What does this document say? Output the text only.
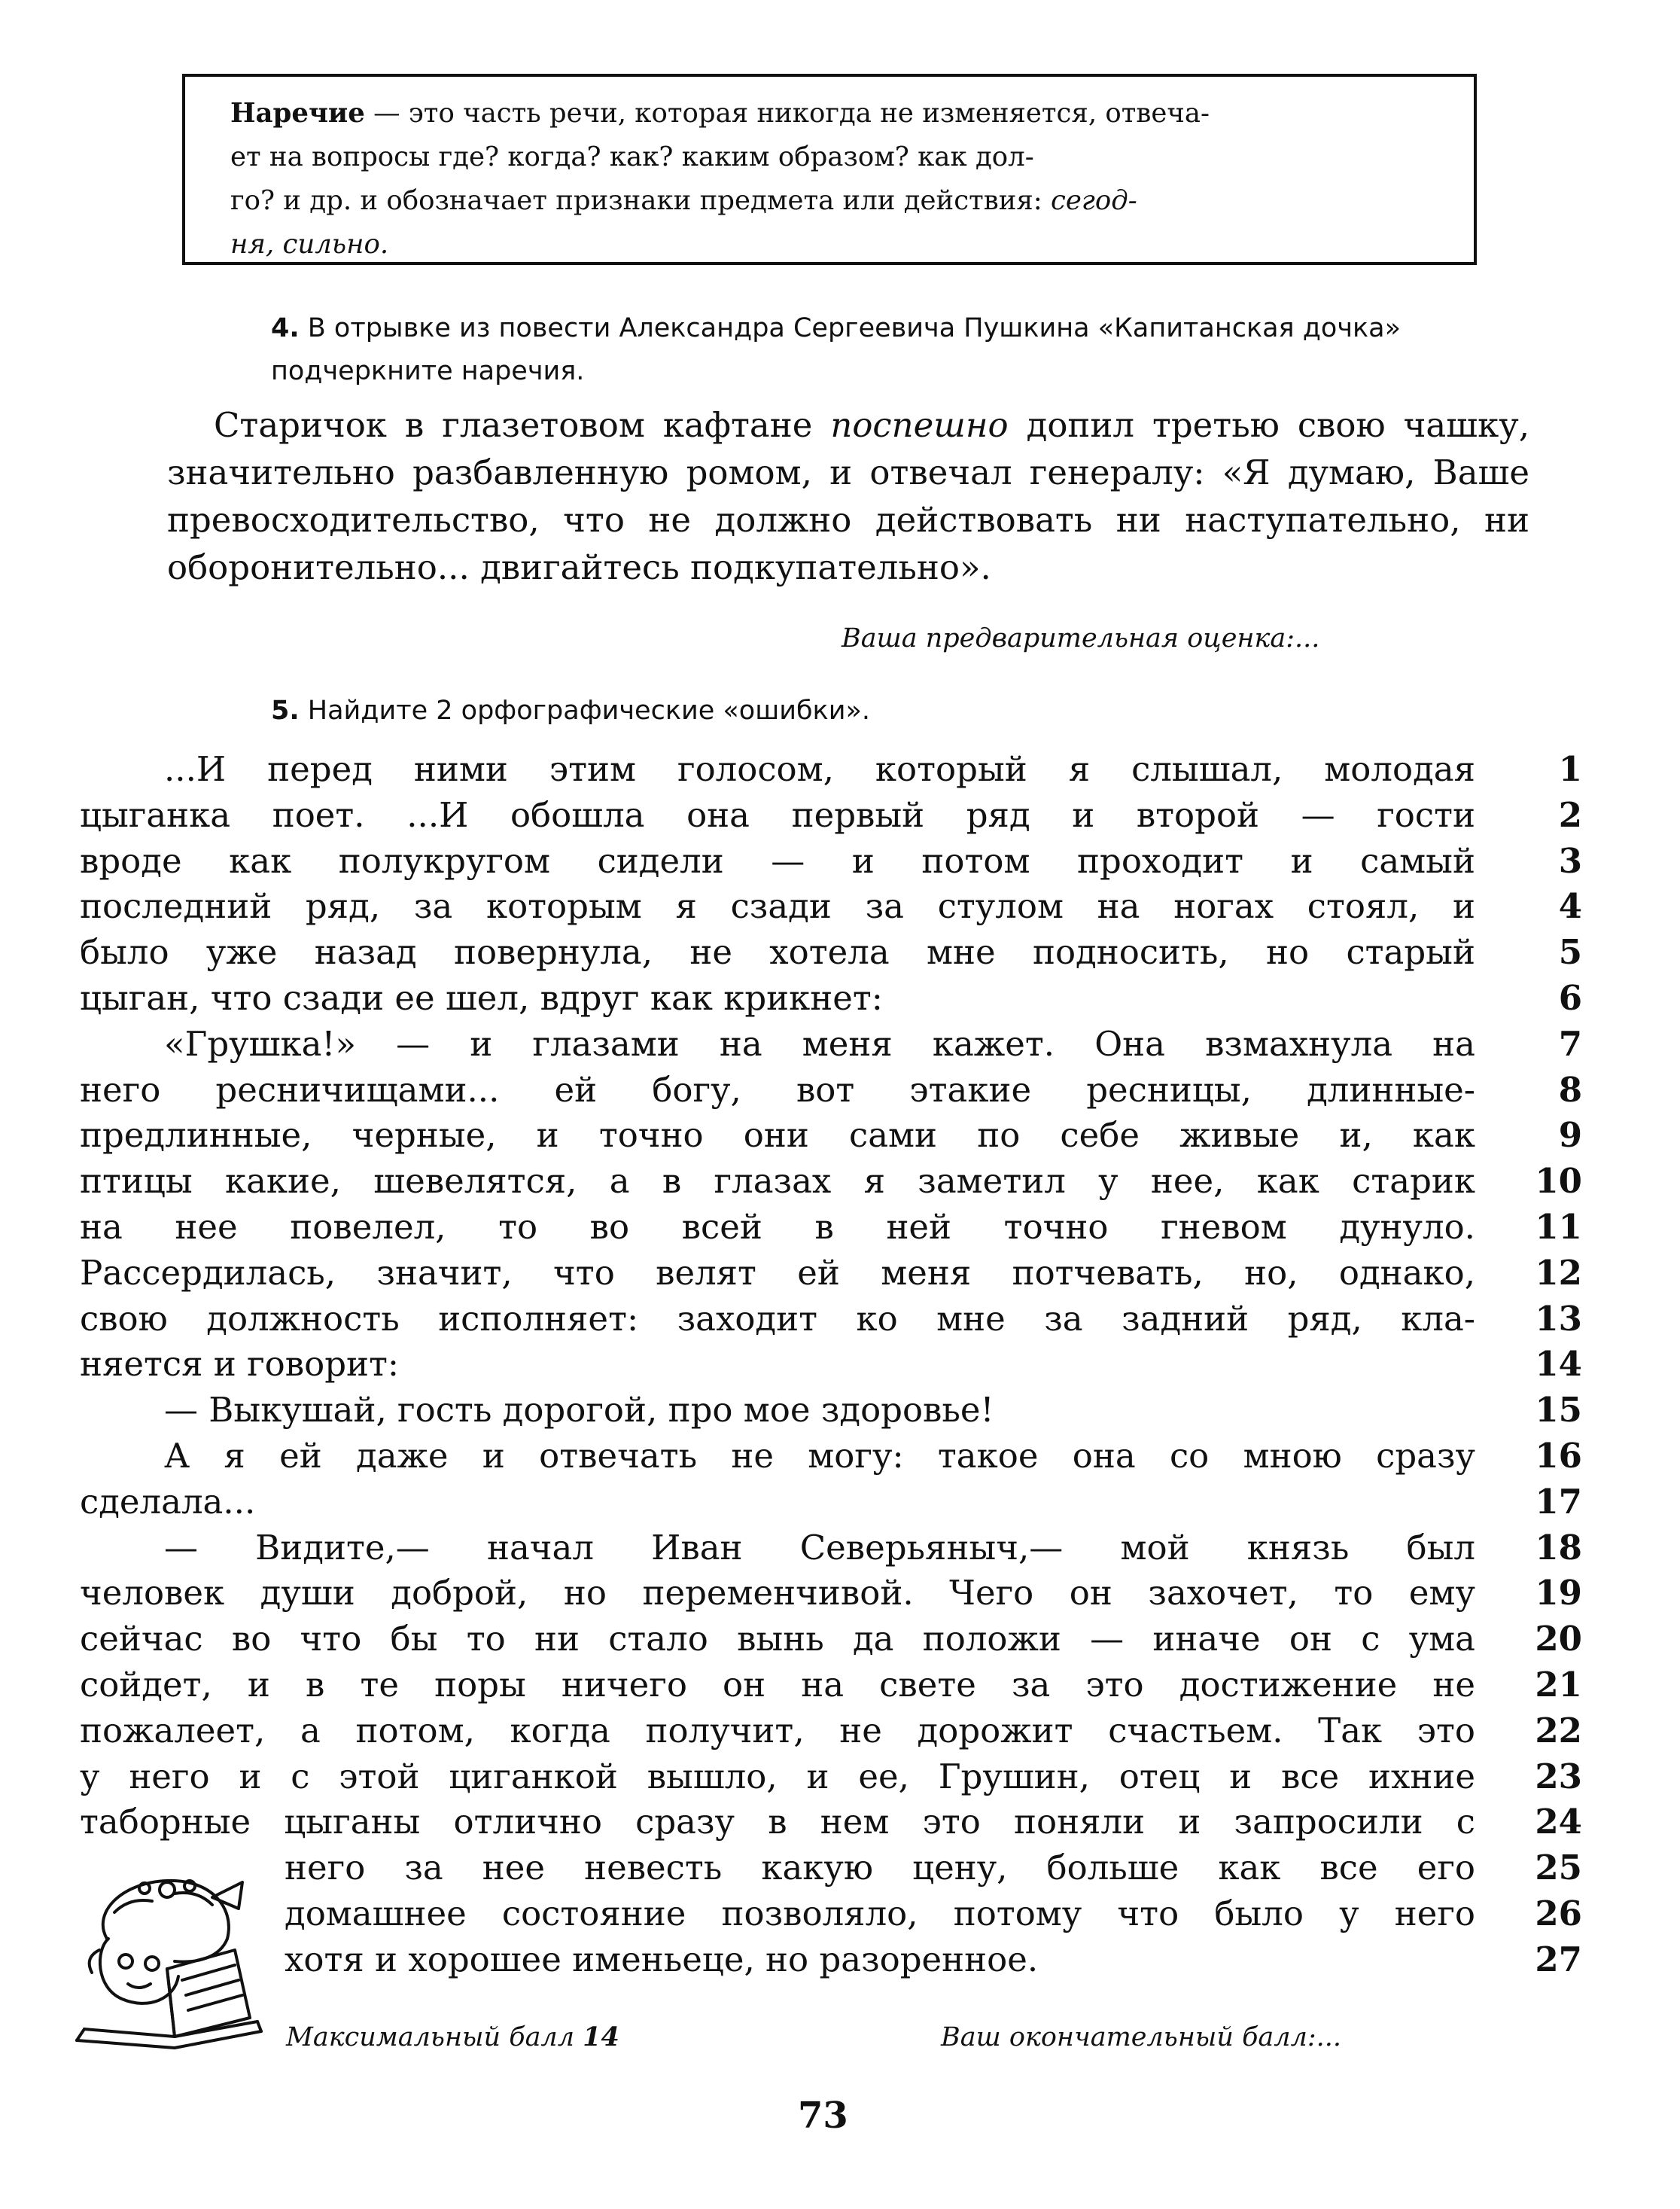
Наречие — это часть речи, которая никогда не изменяется, отвеча-
ет на вопросы где? когда? как? каким образом? как дол-
го? и др. и обозначает признаки предмета или действия: сегод-
ня, сильно.
4. В отрывке из повести Александра Сергеевича Пушкина «Капитанская дочка» подчеркните наречия.
Старичок в глазетовом кафтане поспешно допил третью свою чашку, значительно разбавленную ромом, и отвечал генералу: «Я думаю, Ваше превосходительство, что не должно действовать ни наступательно, ни оборонительно... двигайтесь подкупательно».
Ваша предварительная оценка:...
5. Найдите 2 орфографические «ошибки».
...И перед ними этим голосом, который я слышал, молодая	1
цыганка поет. ...И обошла она первый ряд и второй — гости	2
вроде как полукругом сидели — и потом проходит и самый	3
последний ряд, за которым я сзади за стулом на ногах стоял, и	4
было уже назад повернула, не хотела мне подносить, но старый	5
цыган, что сзади ее шел, вдруг как крикнет:	6
«Грушка!» — и глазами на меня кажет. Она взмахнула на	7
него ресничищами... ей богу, вот этакие ресницы, длинные-	8
предлинные, черные, и точно они сами по себе живые и, как	9
птицы какие, шевелятся, а в глазах я заметил у нее, как старик	10
на нее повелел, то во всей в ней точно гневом дунуло.	11
Рассердилась, значит, что велят ей меня потчевать, но, однако,	12
свою должность исполняет: заходит ко мне за задний ряд, кла-	13
няется и говорит:	14
— Выкушай, гость дорогой, про мое здоровье!	15
А я ей даже и отвечать не могу: такое она со мною сразу	16
сделала...	17
— Видите,— начал Иван Северьяныч,— мой князь был	18
человек души доброй, но переменчивой. Чего он захочет, то ему	19
сейчас во что бы то ни стало вынь да положи — иначе он с ума	20
сойдет, и в те поры ничего он на свете за это достижение не	21
пожалеет, а потом, когда получит, не дорожит счастьем. Так это	22
у него и с этой циганкой вышло, и ее, Грушин, отец и все ихние	23
таборные цыганы отлично сразу в нем это поняли и запросили с	24
него за нее невесть какую цену, больше как все его	25
домашнее состояние позволяло, потому что было у него	26
хотя и хорошее именьеце, но разоренное.	27
Максимальный балл 14	Ваш окончательный балл:...
73
